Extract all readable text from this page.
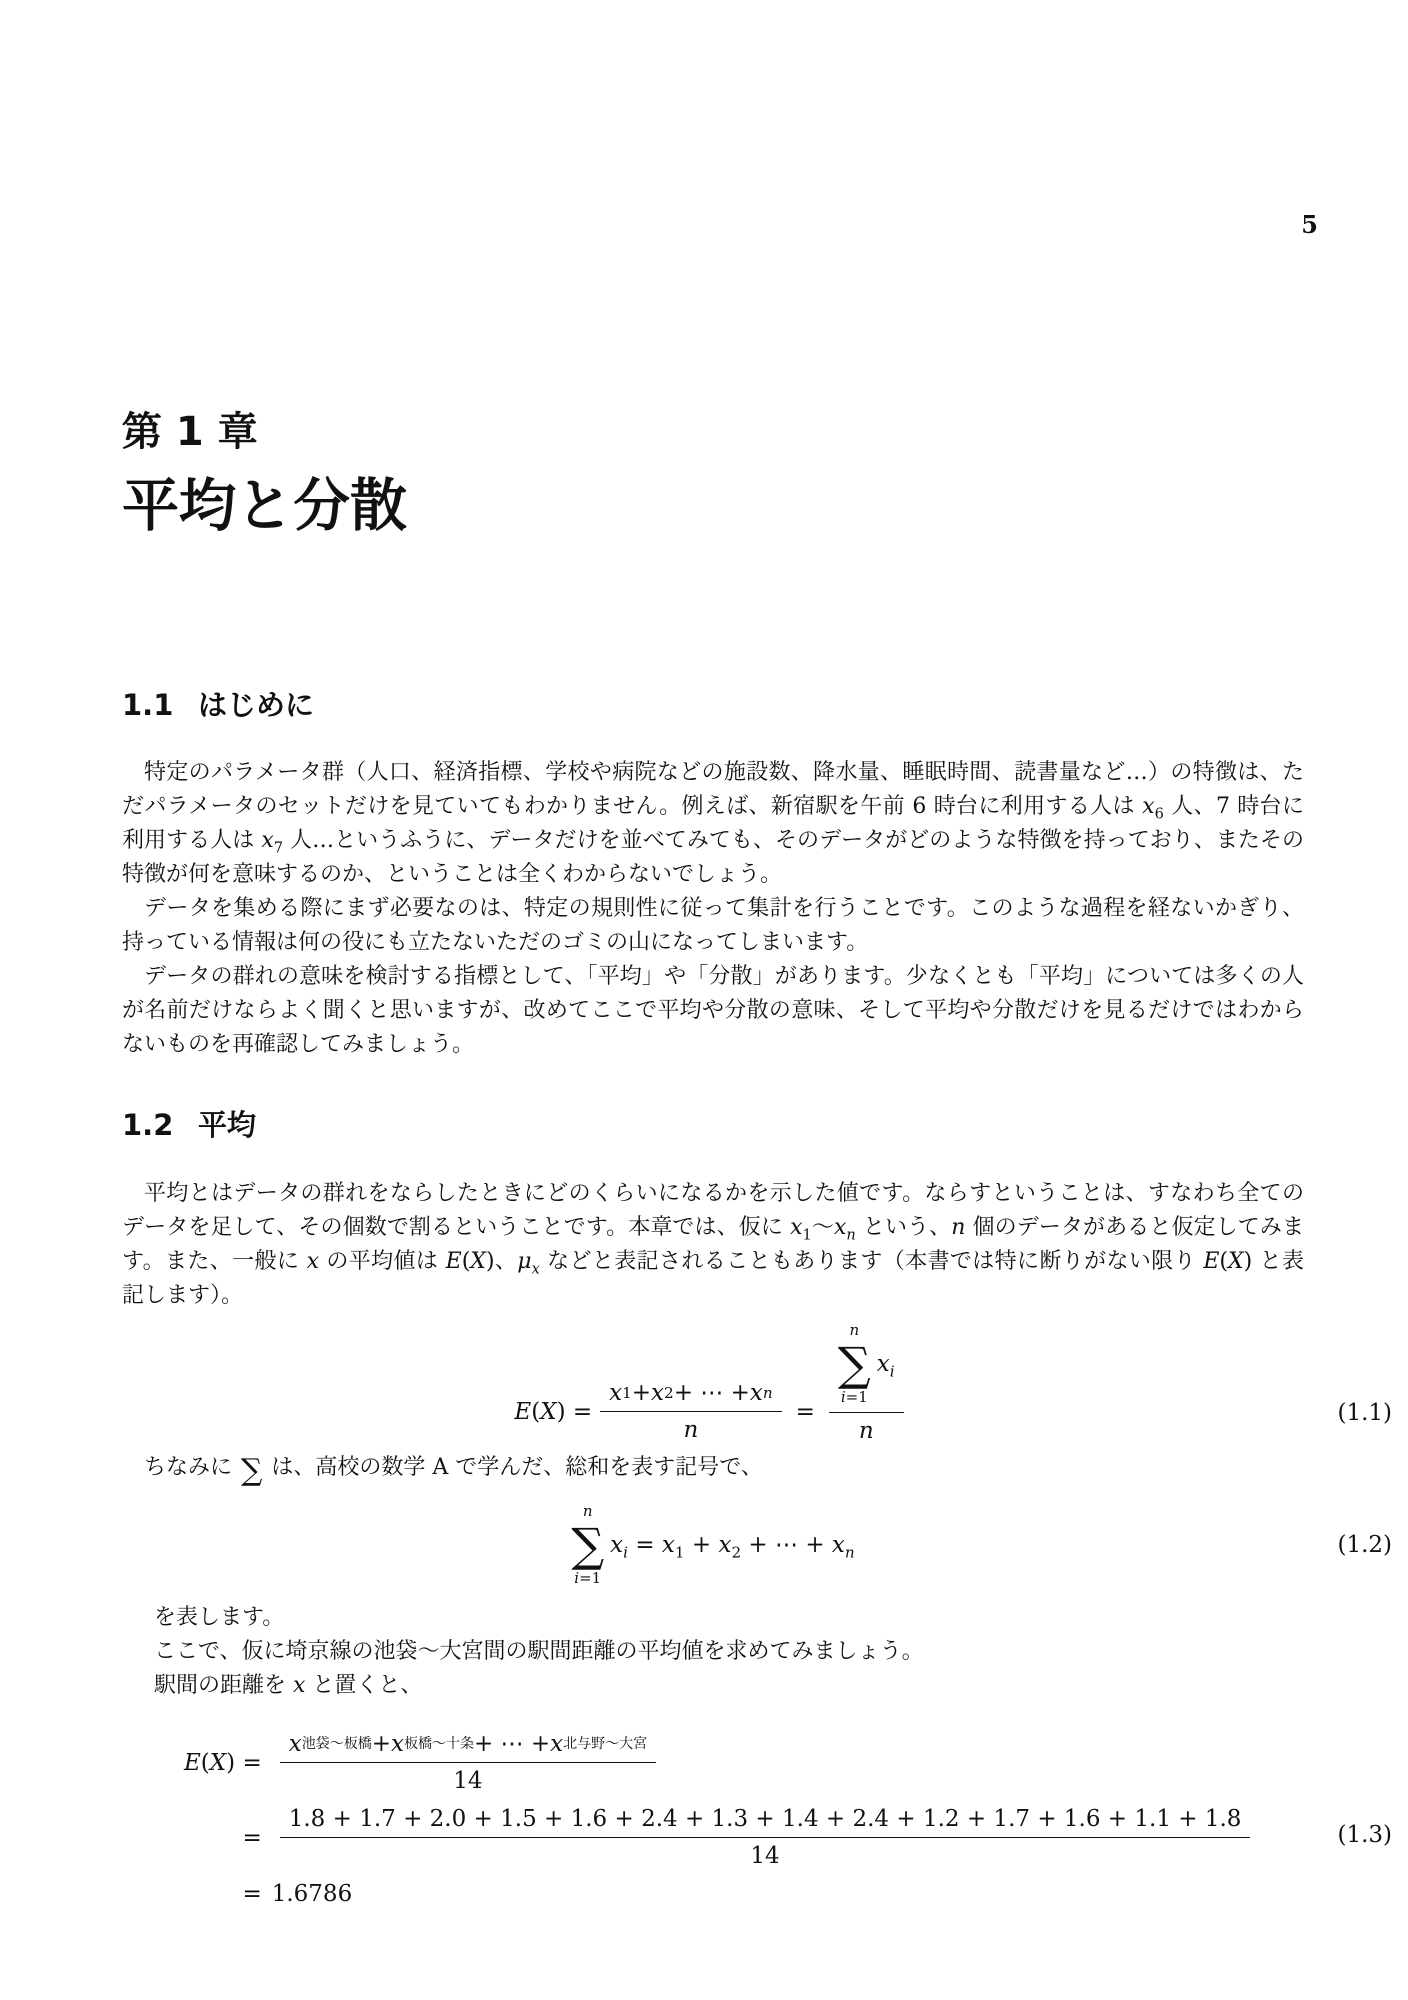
5
第 1 章
平均と分散
1.1 はじめに

特定のパラメータ群（人口、経済指標、学校や病院などの施設数、降水量、睡眠時間、読書量など…）の特徴は、ただパラメータのセットだけを見ていてもわかりません。例えば、新宿駅を午前 6 時台に利用する人は $x_6$ 人、7 時台に利用する人は $x_7$ 人…というふうに、データだけを並べてみても、そのデータがどのような特徴を持っており、またその特徴が何を意味するのか、ということは全くわからないでしょう。

データを集める際にまず必要なのは、特定の規則性に従って集計を行うことです。このような過程を経ないかぎり、持っている情報は何の役にも立たないただのゴミの山になってしまいます。

データの群れの意味を検討する指標として、「平均」や「分散」があります。少なくとも「平均」については多くの人が名前だけならよく聞くと思いますが、改めてここで平均や分散の意味、そして平均や分散だけを見るだけではわからないものを再確認してみましょう。

1.2 平均

平均とはデータの群れをならしたときにどのくらいになるかを示した値です。ならすということは、すなわち全てのデータを足して、その個数で割るということです。本章では、仮に $x_1\sim x_n$ という、n 個のデータがあると仮定してみます。また、一般に x の平均値は E(X)、$\mu_x$ などと表記されることもあります（本書では特に断りがない限り E(X) と表記します）。

$E(X) = \frac{\text{x 1 + x 2 + ⋯ + x n}}{n} = n$
∑
i=1
$x_i$
n	(1.1)

ちなみに ∑ は、高校の数学 A で学んだ、総和を表す記号で、

n
∑
i=1
$x_i = x_1 + x_2$ + ⋯ + $x_n$	(1.2)

を表します。

ここで、仮に埼京線の池袋～大宮間の駅間距離の平均値を求めてみましょう。

駅間の距離を x と置くと、

$E(X) = \frac{\text{x 池袋～板橋 + x 板橋～十条 + ⋯ + x 北与野～大宮}}{14}$
=
1.8 + 1.7 + 2.0 + 1.5 + 1.6 + 2.4 + 1.3 + 1.4 + 2.4 + 1.2 + 1.7 + 1.6 + 1.1 + 1.8
14
= 1.6786
(1.3)
